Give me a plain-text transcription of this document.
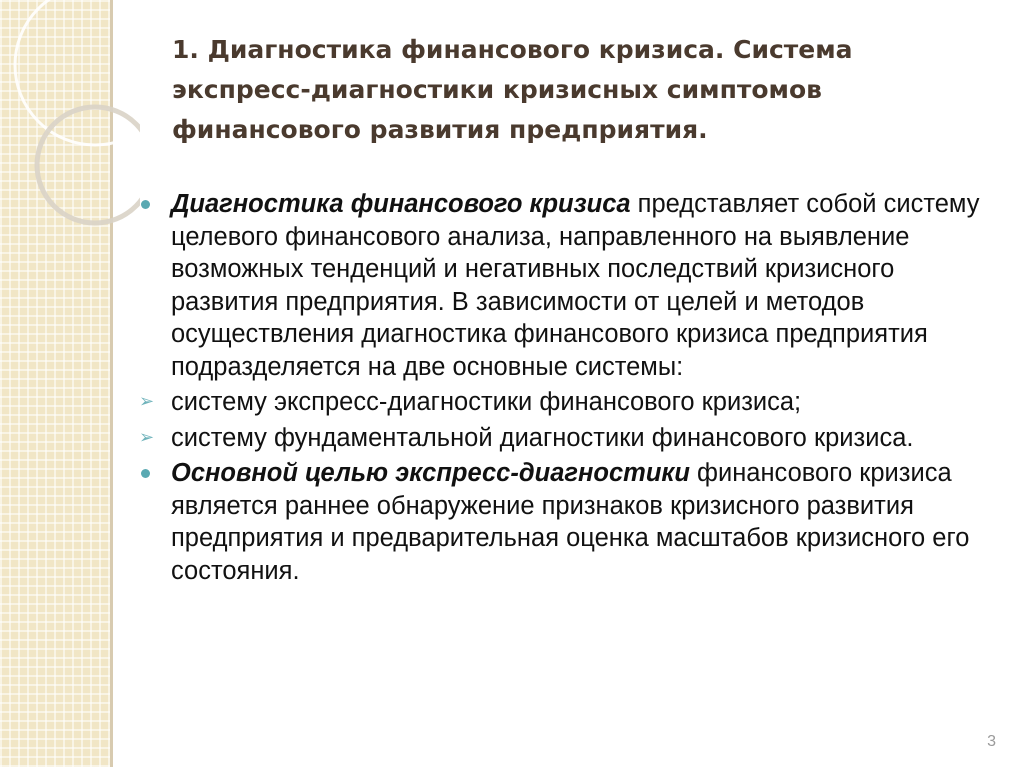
1. Диагностика финансового кризиса. Система экспресс-диагностики кризисных симптомов финансового развития предприятия.
Диагностика финансового кризиса представляет собой систему целевого финансового анализа, направленного на выявление возможных тенденций и негативных последствий кризисного развития предприятия. В зависимости от целей и методов осуществления диагностика финансового кризиса предприятия подразделяется на две основные системы:
➢ систему экспресс-диагностики финансового кризиса;
➢ систему фундаментальной диагностики финансового кризиса.
Основной целью экспресс-диагностики финансового кризиса является раннее обнаружение признаков кризисного развития предприятия и предварительная оценка масштабов кризисного его состояния.
3
